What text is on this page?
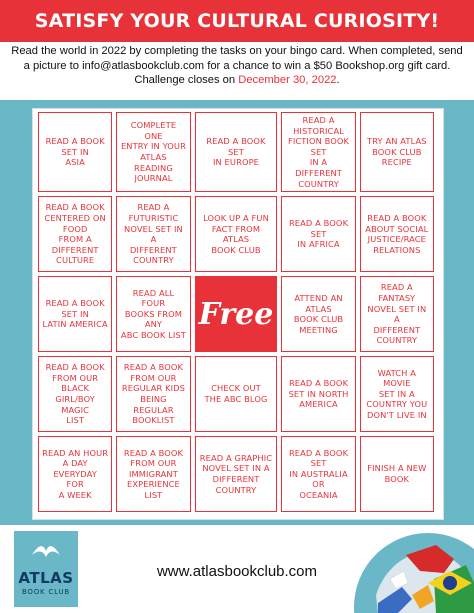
SATISFY YOUR CULTURAL CURIOSITY!
Read the world in 2022 by completing the tasks on your bingo card. When completed, send a picture to info@atlasbookclub.com for a chance to win a $50 Bookshop.org gift card. Challenge closes on December 30, 2022.
READ A BOOK
SET IN
ASIA
COMPLETE ONE
ENTRY IN YOUR
ATLAS READING
JOURNAL
READ A BOOK SET
IN EUROPE
READ A HISTORICAL
FICTION BOOK SET
IN A DIFFERENT
COUNTRY
TRY AN ATLAS
BOOK CLUB RECIPE
READ A BOOK
CENTERED ON FOOD
FROM A DIFFERENT
CULTURE
READ A FUTURISTIC
NOVEL SET IN A
DIFFERENT
COUNTRY
LOOK UP A FUN
FACT FROM ATLAS
BOOK CLUB
READ A BOOK SET
IN AFRICA
READ A BOOK
ABOUT SOCIAL
JUSTICE/RACE
RELATIONS
READ A BOOK
SET IN
LATIN AMERICA
READ ALL FOUR
BOOKS FROM ANY
ABC BOOK LIST
Free	ATTEND AN ATLAS
BOOK CLUB
MEETING
READ A FANTASY
NOVEL SET IN A
DIFFERENT
COUNTRY
READ A BOOK
FROM OUR BLACK
GIRL/BOY MAGIC
LIST
READ A BOOK
FROM OUR
REGULAR KIDS
BEING REGULAR
BOOKLIST
CHECK OUT
THE ABC BLOG
READ A BOOK
SET IN NORTH
AMERICA
WATCH A MOVIE
SET IN A
COUNTRY YOU
DON'T LIVE IN
READ AN HOUR
A DAY EVERYDAY
FOR
A WEEK
READ A BOOK
FROM OUR
IMMIGRANT
EXPERIENCE LIST
READ A GRAPHIC
NOVEL SET IN A
DIFFERENT
COUNTRY
READ A BOOK SET
IN AUSTRALIA OR
OCEANIA
FINISH A NEW
BOOK
ATLAS
BOOK CLUB
www.atlasbookclub.com
